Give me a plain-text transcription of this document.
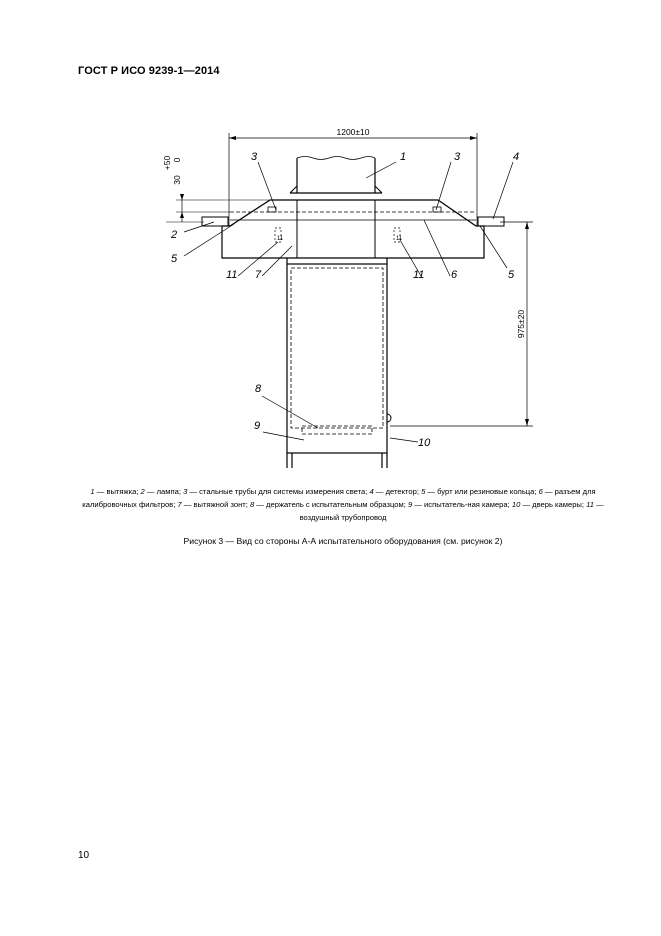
ГОСТ Р ИСО 9239-1—2014
1200±10
975±20
+50 0
30
11	11
1
2
3	3	4
5
5
6
7
8
9
10
11	11
1 — вытяжка; 2 — лампа; 3 — стальные трубы для системы измерения света; 4 — детектор; 5 — бурт или резиновые кольца; 6 — разъем для калибровочных фильтров; 7 — вытяжной зонт; 8 — держатель с испытательным образцом; 9 — испытатель-ная камера; 10 — дверь камеры; 11 — воздушный трубопровод
Рисунок 3 — Вид со стороны А-А испытательного оборудования (см. рисунок 2)
10
